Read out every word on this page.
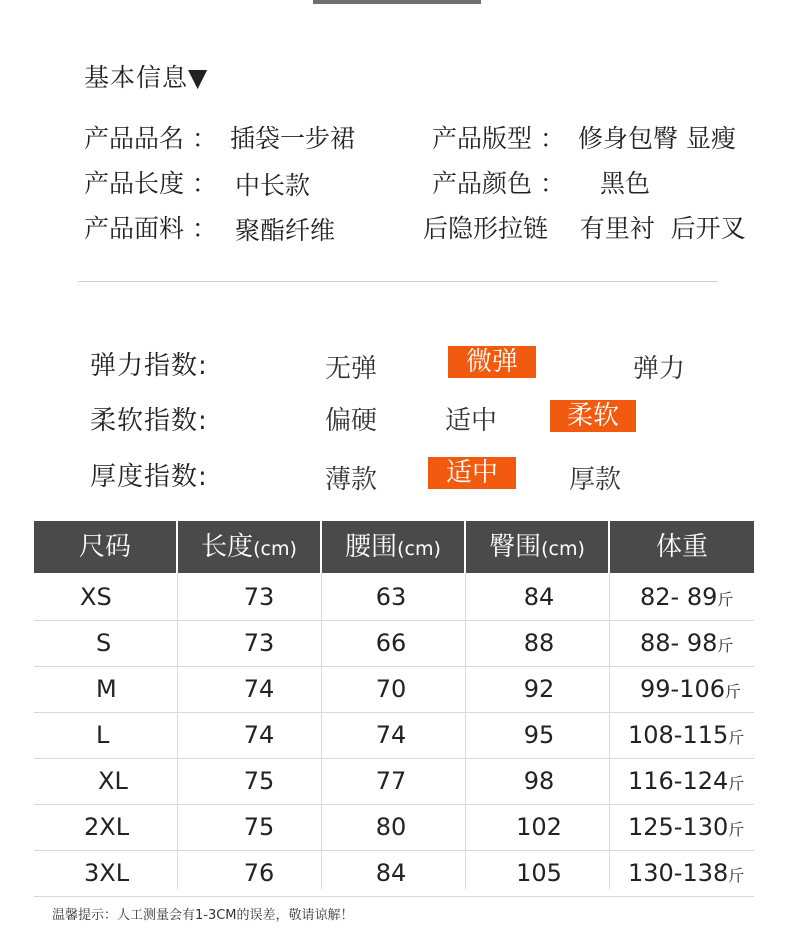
基本信息▼
产品品名 ： 插袋一步裙	产品版型 ： 修身包臀 显瘦
产品长度 ： 中长款	产品颜色 ： 黑色
产品面料 ： 聚酯纤维	后隐形拉链    有里衬  后开叉
弹力指数:	无弹	微弹	弹力
柔软指数:	偏硬	适中	柔软
厚度指数:	薄款	适中	厚款
尺码	长度(cm)	腰围(cm)	臀围(cm)	体重
XS	73	63	84	82- 89斤
S	73	66	88	88- 98斤
M	74	70	92	99-106斤
L	74	74	95	108-115斤
XL	75	77	98	116-124斤
2XL	75	80	102	125-130斤
3XL	76	84	105	130-138斤
温馨提示：人工测量会有1-3CM的误差，敬请谅解！
